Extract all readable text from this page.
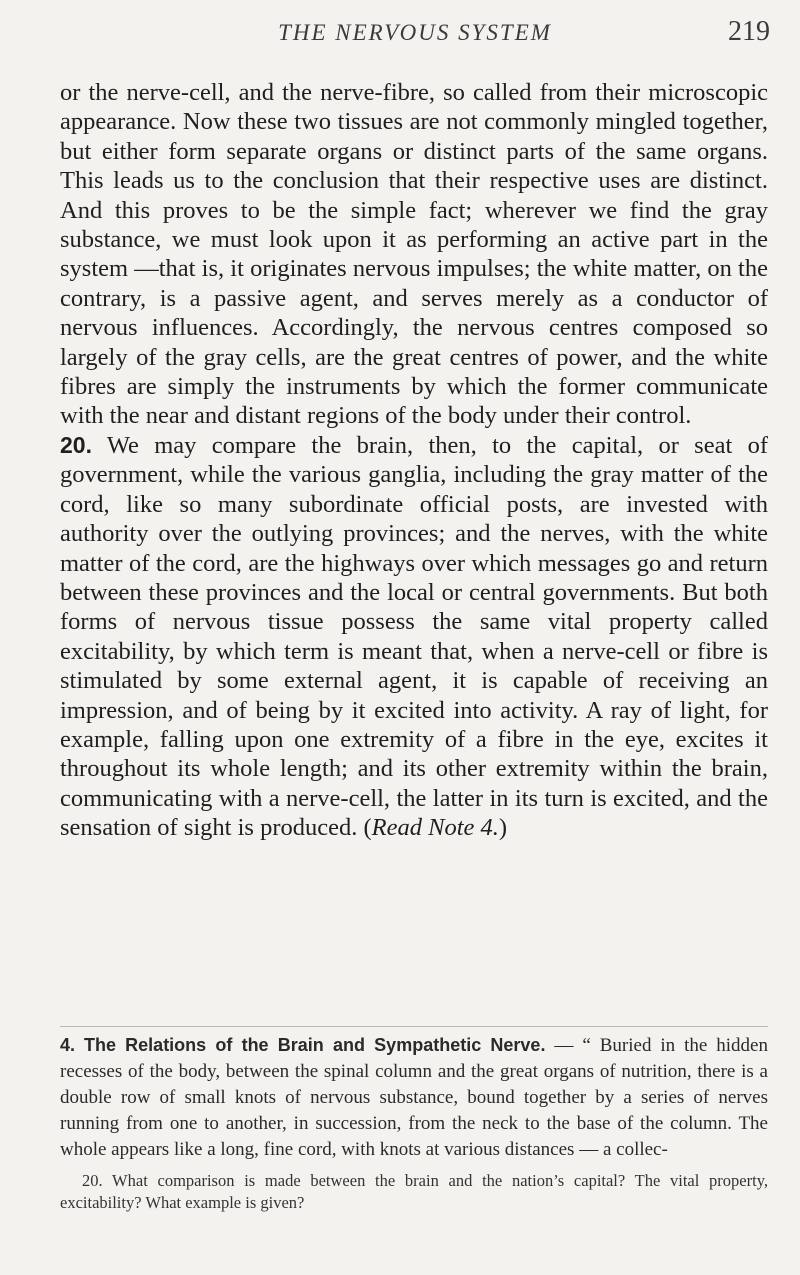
THE NERVOUS SYSTEM	219

or the nerve-cell, and the nerve-fibre, so called from their microscopic appearance. Now these two tissues are not commonly mingled together, but either form separate organs or distinct parts of the same organs. This leads us to the conclusion that their respective uses are distinct. And this proves to be the simple fact; wherever we find the gray substance, we must look upon it as performing an active part in the system —that is, it originates nervous impulses; the white matter, on the contrary, is a passive agent, and serves merely as a conductor of nervous influences. Accordingly, the nervous centres composed so largely of the gray cells, are the great centres of power, and the white fibres are simply the instruments by which the former communicate with the near and distant regions of the body under their control.

20. We may compare the brain, then, to the capital, or seat of government, while the various ganglia, including the gray matter of the cord, like so many subordinate official posts, are invested with authority over the outlying provinces; and the nerves, with the white matter of the cord, are the highways over which messages go and return between these provinces and the local or central governments. But both forms of nervous tissue possess the same vital property called excitability, by which term is meant that, when a nerve-cell or fibre is stimulated by some external agent, it is capable of receiving an impression, and of being by it excited into activity. A ray of light, for example, falling upon one extremity of a fibre in the eye, excites it throughout its whole length; and its other extremity within the brain, communicating with a nerve-cell, the latter in its turn is excited, and the sensation of sight is produced. (Read Note 4.)

4. The Relations of the Brain and Sympathetic Nerve. — “ Buried in the hidden recesses of the body, between the spinal column and the great organs of nutrition, there is a double row of small knots of nervous substance, bound together by a series of nerves running from one to another, in succession, from the neck to the base of the column. The whole appears like a long, fine cord, with knots at various distances — a collec-

20. What comparison is made between the brain and the nation’s capital? The vital property, excitability? What example is given?
